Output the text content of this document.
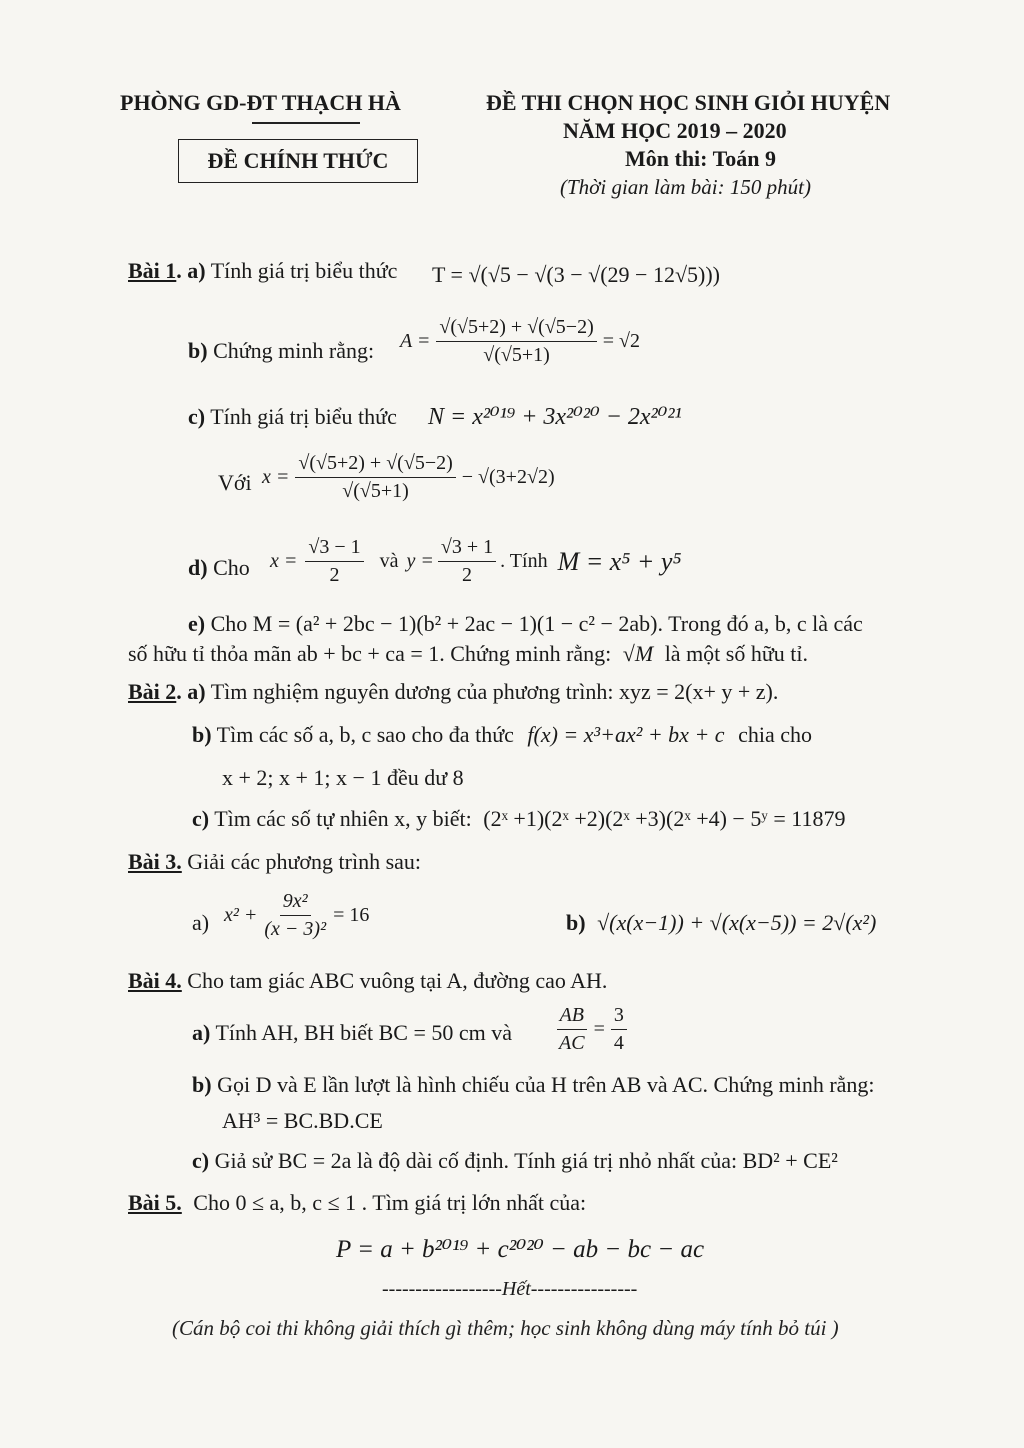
PHÒNG GD-ĐT THẠCH HÀ
ĐỀ CHÍNH THỨC
ĐỀ THI CHỌN HỌC SINH GIỎI HUYỆN
NĂM HỌC 2019 – 2020
Môn thi: Toán 9
(Thời gian làm bài: 150 phút)
Bài 1. a) Tính giá trị biểu thức T = √(√5 − √(3 − √(29 − 12√5)))
b) Chứng minh rằng: $A = \frac{√(√5+2) + √(√5-2)}{√(√5+1)} = √2$
c) Tính giá trị biểu thức N = x²⁰¹⁹ + 3x²⁰²⁰ − 2x²⁰²¹
Với $x = \frac{√(√5+2) + √(√5-2)}{√(√5+1)} - √(3+2√2)$
d) Cho $x = \frac{√3 - 1}{2}$ và $y = \frac{√3 + 1}{2}$ . Tính M = x⁵ + y⁵
e) Cho M = (a² + 2bc − 1)(b² + 2ac − 1)(1 − c² − 2ab). Trong đó a, b, c là các
số hữu tỉ thỏa mãn ab + bc + ca = 1. Chứng minh rằng: √M là một số hữu tỉ.
Bài 2. a) Tìm nghiệm nguyên dương của phương trình: xyz = 2(x+ y + z).
b) Tìm các số a, b, c sao cho đa thức f(x) = x³+ax² + bx + c chia cho
x + 2; x + 1; x − 1 đều dư 8
c) Tìm các số tự nhiên x, y biết: (2ˣ +1)(2ˣ +2)(2ˣ +3)(2ˣ +4) − 5ʸ = 11879
Bài 3. Giải các phương trình sau:
a) $x^2 + \frac{\text{9x²}}{\text{(x − 3)²}} = 16$	b) √(x(x−1)) + √(x(x−5)) = 2√(x²)
Bài 4. Cho tam giác ABC vuông tại A, đường cao AH.
a) Tính AH, BH biết BC = 50 cm và $\frac{AB}{AC} = \frac{3}{4}$
b) Gọi D và E lần lượt là hình chiếu của H trên AB và AC. Chứng minh rằng:
AH³ = BC.BD.CE
c) Giả sử BC = 2a là độ dài cố định. Tính giá trị nhỏ nhất của: BD² + CE²
Bài 5. Cho 0 ≤ a, b, c ≤ 1 . Tìm giá trị lớn nhất của:
P = a + b²⁰¹⁹ + c²⁰²⁰ − ab − bc − ac
------------------Hết----------------
(Cán bộ coi thi không giải thích gì thêm; học sinh không dùng máy tính bỏ túi )
